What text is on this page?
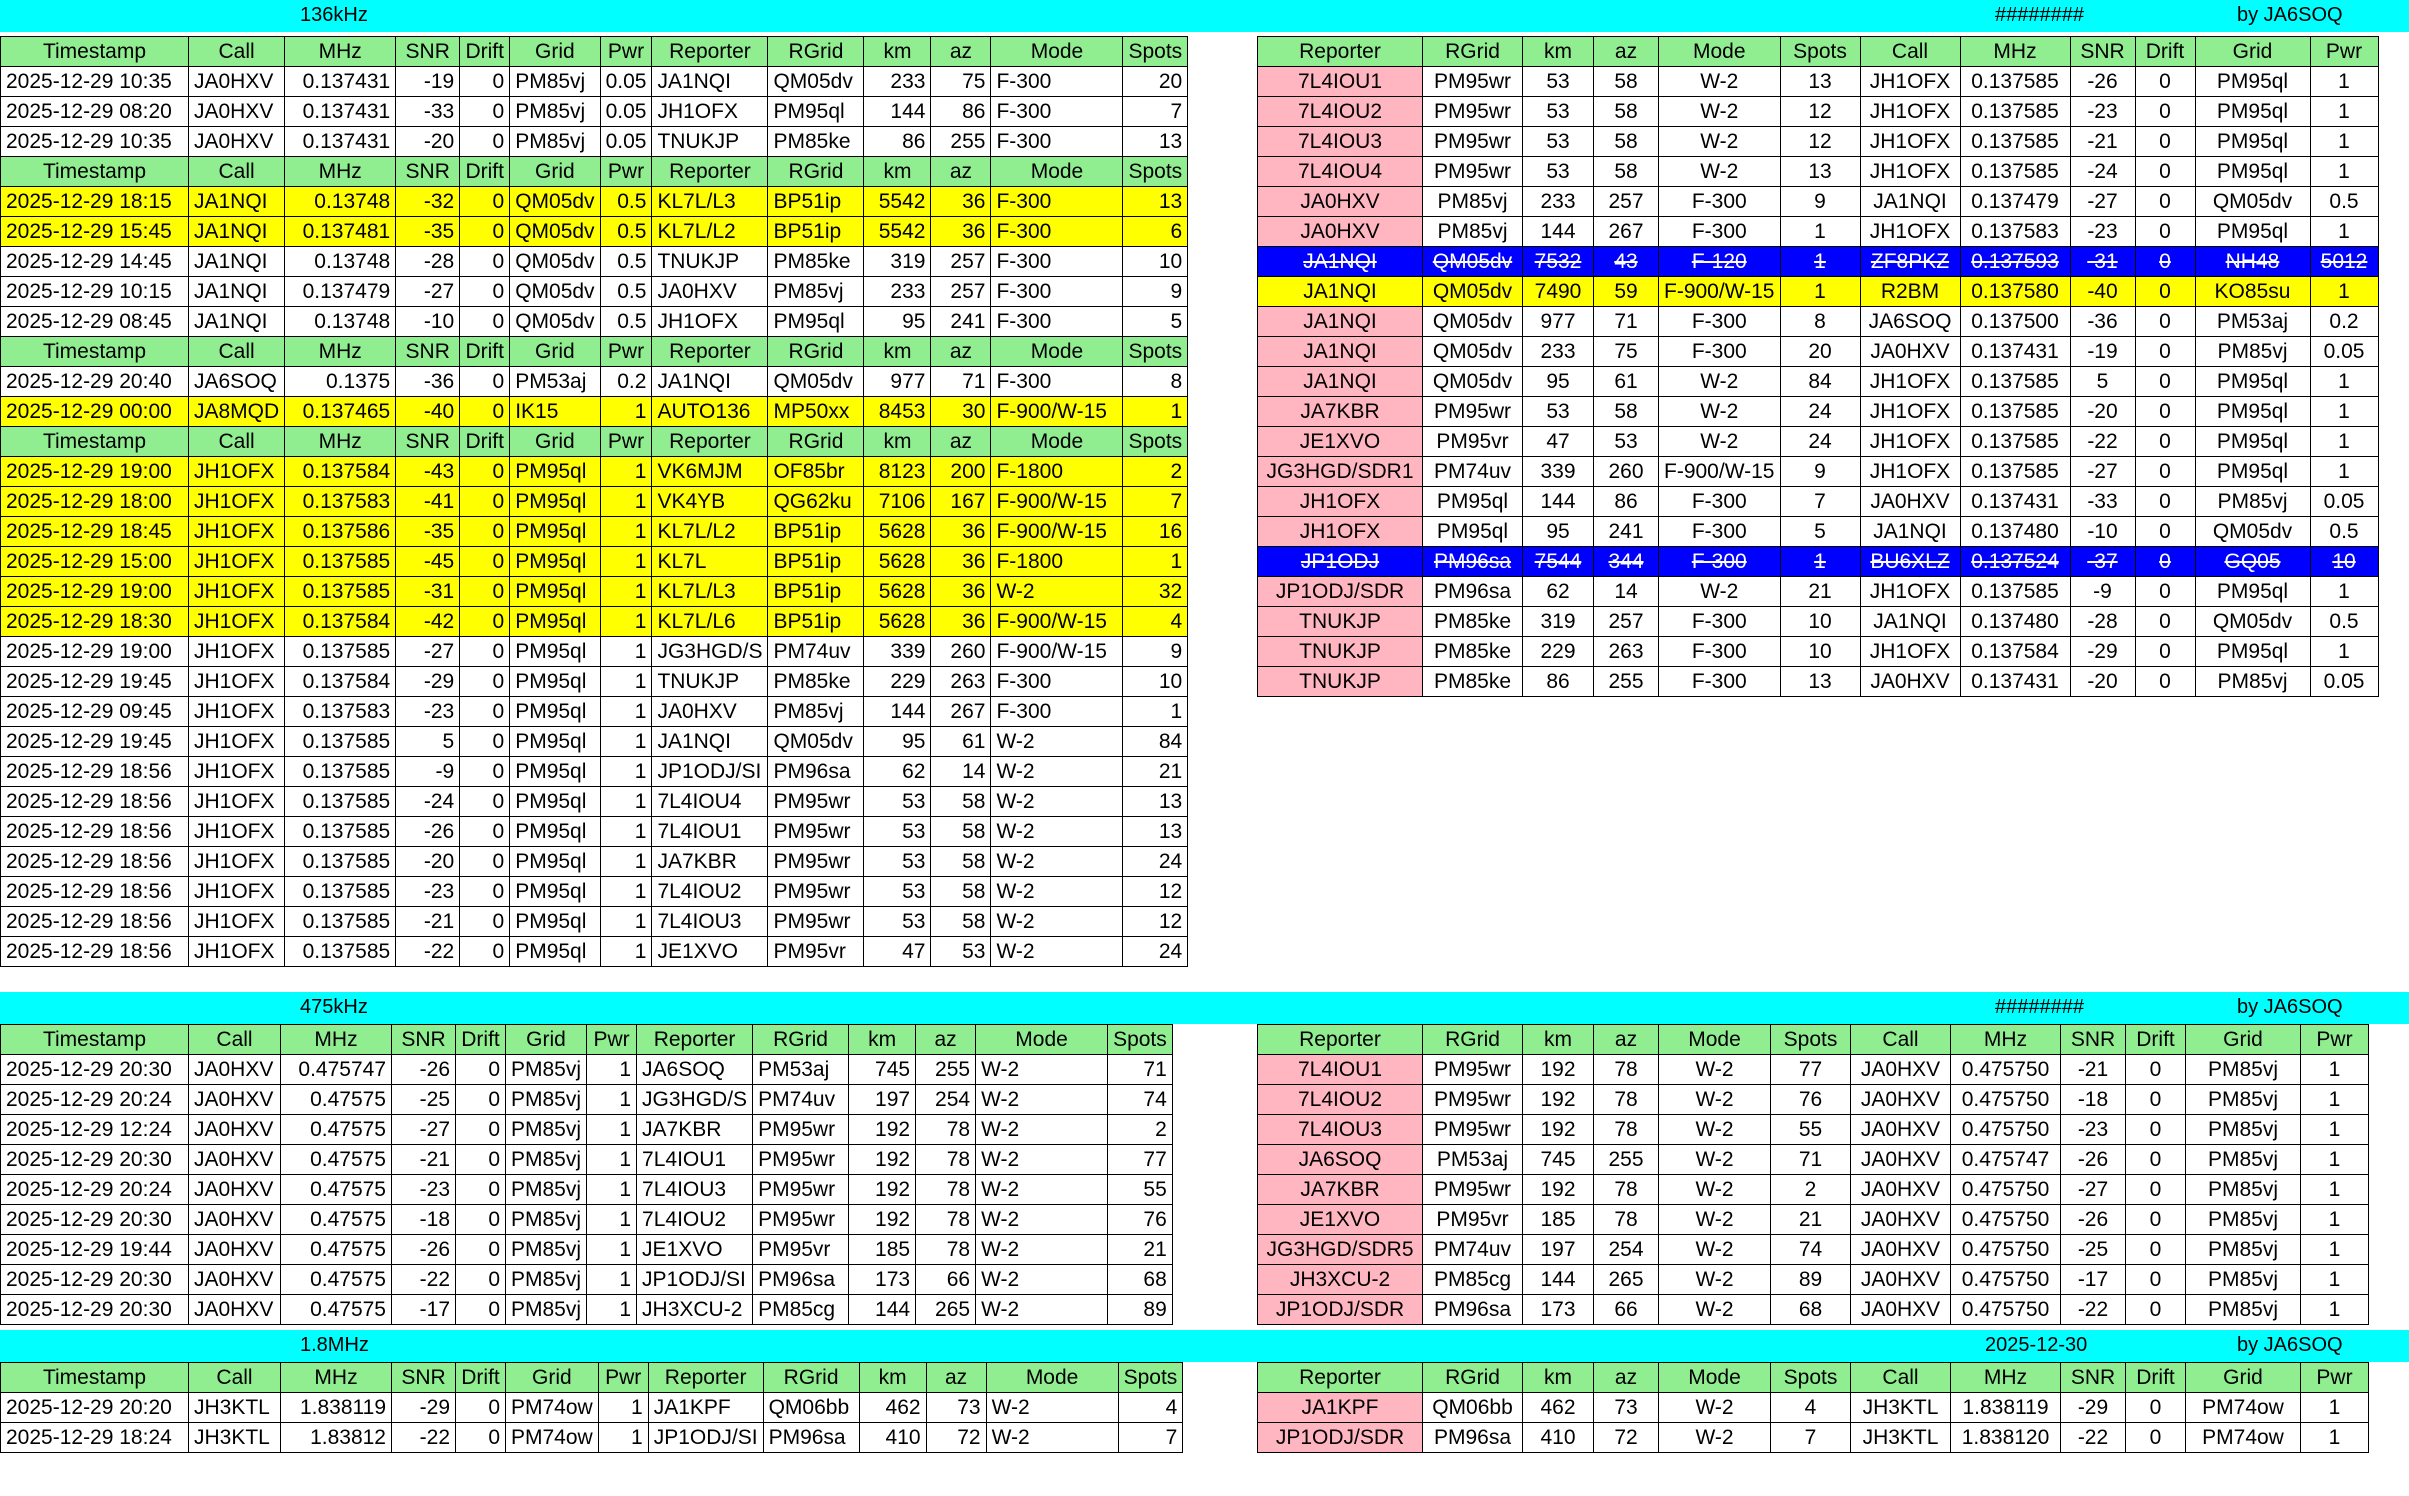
136kHz	########	by JA6SOQ
Timestamp	Call	MHz	SNR	Drift	Grid	Pwr	Reporter	RGrid	km	az	Mode	Spots
2025-12-29 10:35	JA0HXV	0.137431	-19	0	PM85vj	0.05	JA1NQI	QM05dv	233	75	F-300	20
2025-12-29 08:20	JA0HXV	0.137431	-33	0	PM85vj	0.05	JH1OFX	PM95ql	144	86	F-300	7
2025-12-29 10:35	JA0HXV	0.137431	-20	0	PM85vj	0.05	TNUKJP	PM85ke	86	255	F-300	13
Timestamp	Call	MHz	SNR	Drift	Grid	Pwr	Reporter	RGrid	km	az	Mode	Spots
2025-12-29 18:15	JA1NQI	0.13748	-32	0	QM05dv	0.5	KL7L/L3	BP51ip	5542	36	F-300	13
2025-12-29 15:45	JA1NQI	0.137481	-35	0	QM05dv	0.5	KL7L/L2	BP51ip	5542	36	F-300	6
2025-12-29 14:45	JA1NQI	0.13748	-28	0	QM05dv	0.5	TNUKJP	PM85ke	319	257	F-300	10
2025-12-29 10:15	JA1NQI	0.137479	-27	0	QM05dv	0.5	JA0HXV	PM85vj	233	257	F-300	9
2025-12-29 08:45	JA1NQI	0.13748	-10	0	QM05dv	0.5	JH1OFX	PM95ql	95	241	F-300	5
Timestamp	Call	MHz	SNR	Drift	Grid	Pwr	Reporter	RGrid	km	az	Mode	Spots
2025-12-29 20:40	JA6SOQ	0.1375	-36	0	PM53aj	0.2	JA1NQI	QM05dv	977	71	F-300	8
2025-12-29 00:00	JA8MQD	0.137465	-40	0	IK15	1	AUTO136	MP50xx	8453	30	F-900/W-15	1
Timestamp	Call	MHz	SNR	Drift	Grid	Pwr	Reporter	RGrid	km	az	Mode	Spots
2025-12-29 19:00	JH1OFX	0.137584	-43	0	PM95ql	1	VK6MJM	OF85br	8123	200	F-1800	2
2025-12-29 18:00	JH1OFX	0.137583	-41	0	PM95ql	1	VK4YB	QG62ku	7106	167	F-900/W-15	7
2025-12-29 18:45	JH1OFX	0.137586	-35	0	PM95ql	1	KL7L/L2	BP51ip	5628	36	F-900/W-15	16
2025-12-29 15:00	JH1OFX	0.137585	-45	0	PM95ql	1	KL7L	BP51ip	5628	36	F-1800	1
2025-12-29 19:00	JH1OFX	0.137585	-31	0	PM95ql	1	KL7L/L3	BP51ip	5628	36	W-2	32
2025-12-29 18:30	JH1OFX	0.137584	-42	0	PM95ql	1	KL7L/L6	BP51ip	5628	36	F-900/W-15	4
2025-12-29 19:00	JH1OFX	0.137585	-27	0	PM95ql	1	JG3HGD/S	PM74uv	339	260	F-900/W-15	9
2025-12-29 19:45	JH1OFX	0.137584	-29	0	PM95ql	1	TNUKJP	PM85ke	229	263	F-300	10
2025-12-29 09:45	JH1OFX	0.137583	-23	0	PM95ql	1	JA0HXV	PM85vj	144	267	F-300	1
2025-12-29 19:45	JH1OFX	0.137585	5	0	PM95ql	1	JA1NQI	QM05dv	95	61	W-2	84
2025-12-29 18:56	JH1OFX	0.137585	-9	0	PM95ql	1	JP1ODJ/SI	PM96sa	62	14	W-2	21
2025-12-29 18:56	JH1OFX	0.137585	-24	0	PM95ql	1	7L4IOU4	PM95wr	53	58	W-2	13
2025-12-29 18:56	JH1OFX	0.137585	-26	0	PM95ql	1	7L4IOU1	PM95wr	53	58	W-2	13
2025-12-29 18:56	JH1OFX	0.137585	-20	0	PM95ql	1	JA7KBR	PM95wr	53	58	W-2	24
2025-12-29 18:56	JH1OFX	0.137585	-23	0	PM95ql	1	7L4IOU2	PM95wr	53	58	W-2	12
2025-12-29 18:56	JH1OFX	0.137585	-21	0	PM95ql	1	7L4IOU3	PM95wr	53	58	W-2	12
2025-12-29 18:56	JH1OFX	0.137585	-22	0	PM95ql	1	JE1XVO	PM95vr	47	53	W-2	24
Reporter	RGrid	km	az	Mode	Spots	Call	MHz	SNR	Drift	Grid	Pwr
7L4IOU1	PM95wr	53	58	W-2	13	JH1OFX	0.137585	-26	0	PM95ql	1
7L4IOU2	PM95wr	53	58	W-2	12	JH1OFX	0.137585	-23	0	PM95ql	1
7L4IOU3	PM95wr	53	58	W-2	12	JH1OFX	0.137585	-21	0	PM95ql	1
7L4IOU4	PM95wr	53	58	W-2	13	JH1OFX	0.137585	-24	0	PM95ql	1
JA0HXV	PM85vj	233	257	F-300	9	JA1NQI	0.137479	-27	0	QM05dv	0.5
JA0HXV	PM85vj	144	267	F-300	1	JH1OFX	0.137583	-23	0	PM95ql	1
JA1NQI	QM05dv	7532	43	F-120	1	ZF8PKZ	0.137593	-31	0	NH48	5012
JA1NQI	QM05dv	7490	59	F-900/W-15	1	R2BM	0.137580	-40	0	KO85su	1
JA1NQI	QM05dv	977	71	F-300	8	JA6SOQ	0.137500	-36	0	PM53aj	0.2
JA1NQI	QM05dv	233	75	F-300	20	JA0HXV	0.137431	-19	0	PM85vj	0.05
JA1NQI	QM05dv	95	61	W-2	84	JH1OFX	0.137585	5	0	PM95ql	1
JA7KBR	PM95wr	53	58	W-2	24	JH1OFX	0.137585	-20	0	PM95ql	1
JE1XVO	PM95vr	47	53	W-2	24	JH1OFX	0.137585	-22	0	PM95ql	1
JG3HGD/SDR1	PM74uv	339	260	F-900/W-15	9	JH1OFX	0.137585	-27	0	PM95ql	1
JH1OFX	PM95ql	144	86	F-300	7	JA0HXV	0.137431	-33	0	PM85vj	0.05
JH1OFX	PM95ql	95	241	F-300	5	JA1NQI	0.137480	-10	0	QM05dv	0.5
JP1ODJ	PM96sa	7544	344	F-300	1	BU6XLZ	0.137524	-37	0	GQ05	10
JP1ODJ/SDR	PM96sa	62	14	W-2	21	JH1OFX	0.137585	-9	0	PM95ql	1
TNUKJP	PM85ke	319	257	F-300	10	JA1NQI	0.137480	-28	0	QM05dv	0.5
TNUKJP	PM85ke	229	263	F-300	10	JH1OFX	0.137584	-29	0	PM95ql	1
TNUKJP	PM85ke	86	255	F-300	13	JA0HXV	0.137431	-20	0	PM85vj	0.05
475kHz	########	by JA6SOQ
Timestamp	Call	MHz	SNR	Drift	Grid	Pwr	Reporter	RGrid	km	az	Mode	Spots
2025-12-29 20:30	JA0HXV	0.475747	-26	0	PM85vj	1	JA6SOQ	PM53aj	745	255	W-2	71
2025-12-29 20:24	JA0HXV	0.47575	-25	0	PM85vj	1	JG3HGD/S	PM74uv	197	254	W-2	74
2025-12-29 12:24	JA0HXV	0.47575	-27	0	PM85vj	1	JA7KBR	PM95wr	192	78	W-2	2
2025-12-29 20:30	JA0HXV	0.47575	-21	0	PM85vj	1	7L4IOU1	PM95wr	192	78	W-2	77
2025-12-29 20:24	JA0HXV	0.47575	-23	0	PM85vj	1	7L4IOU3	PM95wr	192	78	W-2	55
2025-12-29 20:30	JA0HXV	0.47575	-18	0	PM85vj	1	7L4IOU2	PM95wr	192	78	W-2	76
2025-12-29 19:44	JA0HXV	0.47575	-26	0	PM85vj	1	JE1XVO	PM95vr	185	78	W-2	21
2025-12-29 20:30	JA0HXV	0.47575	-22	0	PM85vj	1	JP1ODJ/SI	PM96sa	173	66	W-2	68
2025-12-29 20:30	JA0HXV	0.47575	-17	0	PM85vj	1	JH3XCU-2	PM85cg	144	265	W-2	89
Reporter	RGrid	km	az	Mode	Spots	Call	MHz	SNR	Drift	Grid	Pwr
7L4IOU1	PM95wr	192	78	W-2	77	JA0HXV	0.475750	-21	0	PM85vj	1
7L4IOU2	PM95wr	192	78	W-2	76	JA0HXV	0.475750	-18	0	PM85vj	1
7L4IOU3	PM95wr	192	78	W-2	55	JA0HXV	0.475750	-23	0	PM85vj	1
JA6SOQ	PM53aj	745	255	W-2	71	JA0HXV	0.475747	-26	0	PM85vj	1
JA7KBR	PM95wr	192	78	W-2	2	JA0HXV	0.475750	-27	0	PM85vj	1
JE1XVO	PM95vr	185	78	W-2	21	JA0HXV	0.475750	-26	0	PM85vj	1
JG3HGD/SDR5	PM74uv	197	254	W-2	74	JA0HXV	0.475750	-25	0	PM85vj	1
JH3XCU-2	PM85cg	144	265	W-2	89	JA0HXV	0.475750	-17	0	PM85vj	1
JP1ODJ/SDR	PM96sa	173	66	W-2	68	JA0HXV	0.475750	-22	0	PM85vj	1
1.8MHz	2025-12-30	by JA6SOQ
Timestamp	Call	MHz	SNR	Drift	Grid	Pwr	Reporter	RGrid	km	az	Mode	Spots
2025-12-29 20:20	JH3KTL	1.838119	-29	0	PM74ow	1	JA1KPF	QM06bb	462	73	W-2	4
2025-12-29 18:24	JH3KTL	1.83812	-22	0	PM74ow	1	JP1ODJ/SI	PM96sa	410	72	W-2	7
Reporter	RGrid	km	az	Mode	Spots	Call	MHz	SNR	Drift	Grid	Pwr
JA1KPF	QM06bb	462	73	W-2	4	JH3KTL	1.838119	-29	0	PM74ow	1
JP1ODJ/SDR	PM96sa	410	72	W-2	7	JH3KTL	1.838120	-22	0	PM74ow	1
